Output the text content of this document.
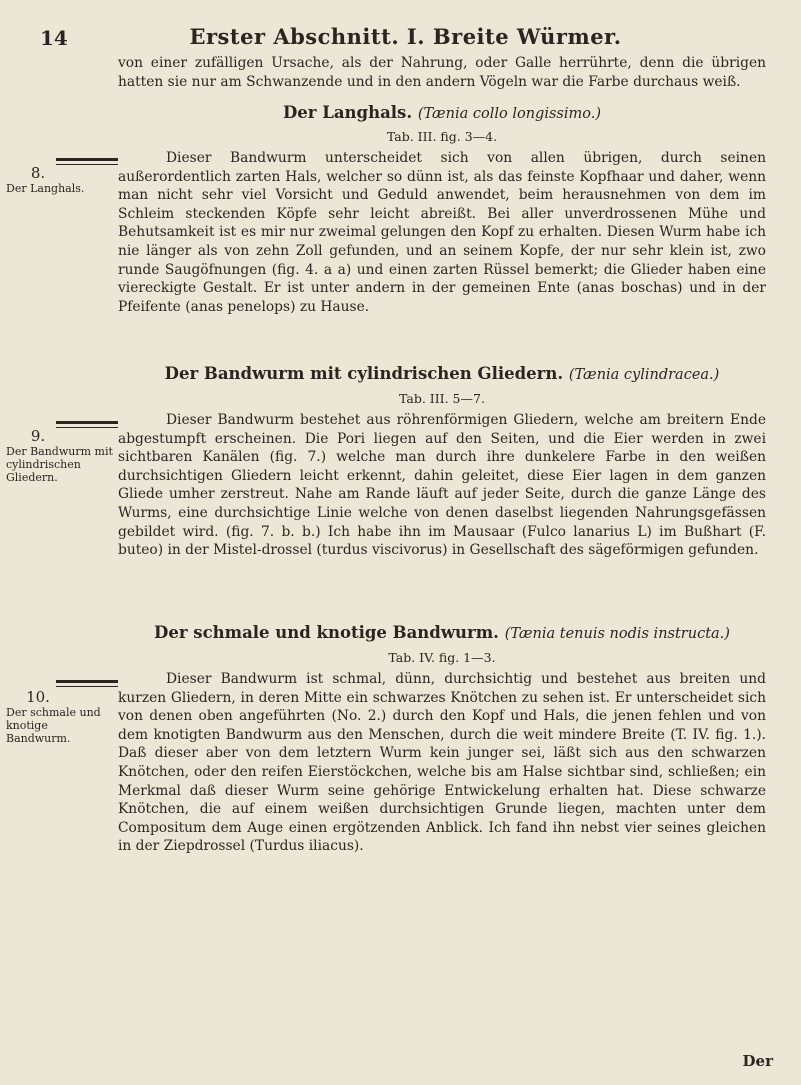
14	Erster Abschnitt. I. Breite Würmer.

von einer zufälligen Ursache, als der Nahrung, oder Galle herrührte, denn die übrigen hatten sie nur am Schwanzende und in den andern Vögeln war die Farbe durchaus weiß.

Der Langhals. (Tænia collo longissimo.)

Tab. III. fig. 3—4.

Dieser Bandwurm unterscheidet sich von allen übrigen, durch seinen außerordentlich zarten Hals, welcher so dünn ist, als das feinste Kopfhaar und daher, wenn man nicht sehr viel Vorsicht und Geduld anwendet, beim herausnehmen von dem im Schleim steckenden Köpfe sehr leicht abreißt. Bei aller unverdrossenen Mühe und Behutsamkeit ist es mir nur zweimal gelungen den Kopf zu erhalten. Diesen Wurm habe ich nie länger als von zehn Zoll gefunden, und an seinem Kopfe, der nur sehr klein ist, zwo runde Saugöfnungen (fig. 4. a a) und einen zarten Rüssel bemerkt; die Glieder haben eine viereckigte Gestalt. Er ist unter andern in der gemeinen Ente (anas boschas) und in der Pfeifente (anas penelops) zu Hause.

8.
Der Langhals.

Der Bandwurm mit cylindrischen Gliedern. (Tænia cylindracea.)

Tab. III. 5—7.

Dieser Bandwurm bestehet aus röhrenförmigen Gliedern, welche am breitern Ende abgestumpft erscheinen. Die Pori liegen auf den Seiten, und die Eier werden in zwei sichtbaren Kanälen (fig. 7.) welche man durch ihre dunkelere Farbe in den weißen durchsichtigen Gliedern leicht erkennt, dahin geleitet, diese Eier lagen in dem ganzen Gliede umher zerstreut. Nahe am Rande läuft auf jeder Seite, durch die ganze Länge des Wurms, eine durchsichtige Linie welche von denen daselbst liegenden Nahrungsgefässen gebildet wird. (fig. 7. b. b.) Ich habe ihn im Mausaar (Fulco lanarius L) im Bußhart (F. buteo) in der Mistel-drossel (turdus viscivorus) in Gesellschaft des sägeförmigen gefunden.

9.
Der Bandwurm mit cylindrischen Gliedern.

Der schmale und knotige Bandwurm. (Tænia tenuis nodis instructa.)

Tab. IV. fig. 1—3.

Dieser Bandwurm ist schmal, dünn, durchsichtig und bestehet aus breiten und kurzen Gliedern, in deren Mitte ein schwarzes Knötchen zu sehen ist. Er unterscheidet sich von denen oben angeführten (No. 2.) durch den Kopf und Hals, die jenen fehlen und von dem knotigten Bandwurm aus den Menschen, durch die weit mindere Breite (T. IV. fig. 1.). Daß dieser aber von dem letztern Wurm kein junger sei, läßt sich aus den schwarzen Knötchen, oder den reifen Eierstöckchen, welche bis am Halse sichtbar sind, schließen; ein Merkmal daß dieser Wurm seine gehörige Entwickelung erhalten hat. Diese schwarze Knötchen, die auf einem weißen durchsichtigen Grunde liegen, machten unter dem Compositum dem Auge einen ergötzenden Anblick. Ich fand ihn nebst vier seines gleichen in der Ziepdrossel (Turdus iliacus).

10.
Der schmale und knotige Bandwurm.
Der
